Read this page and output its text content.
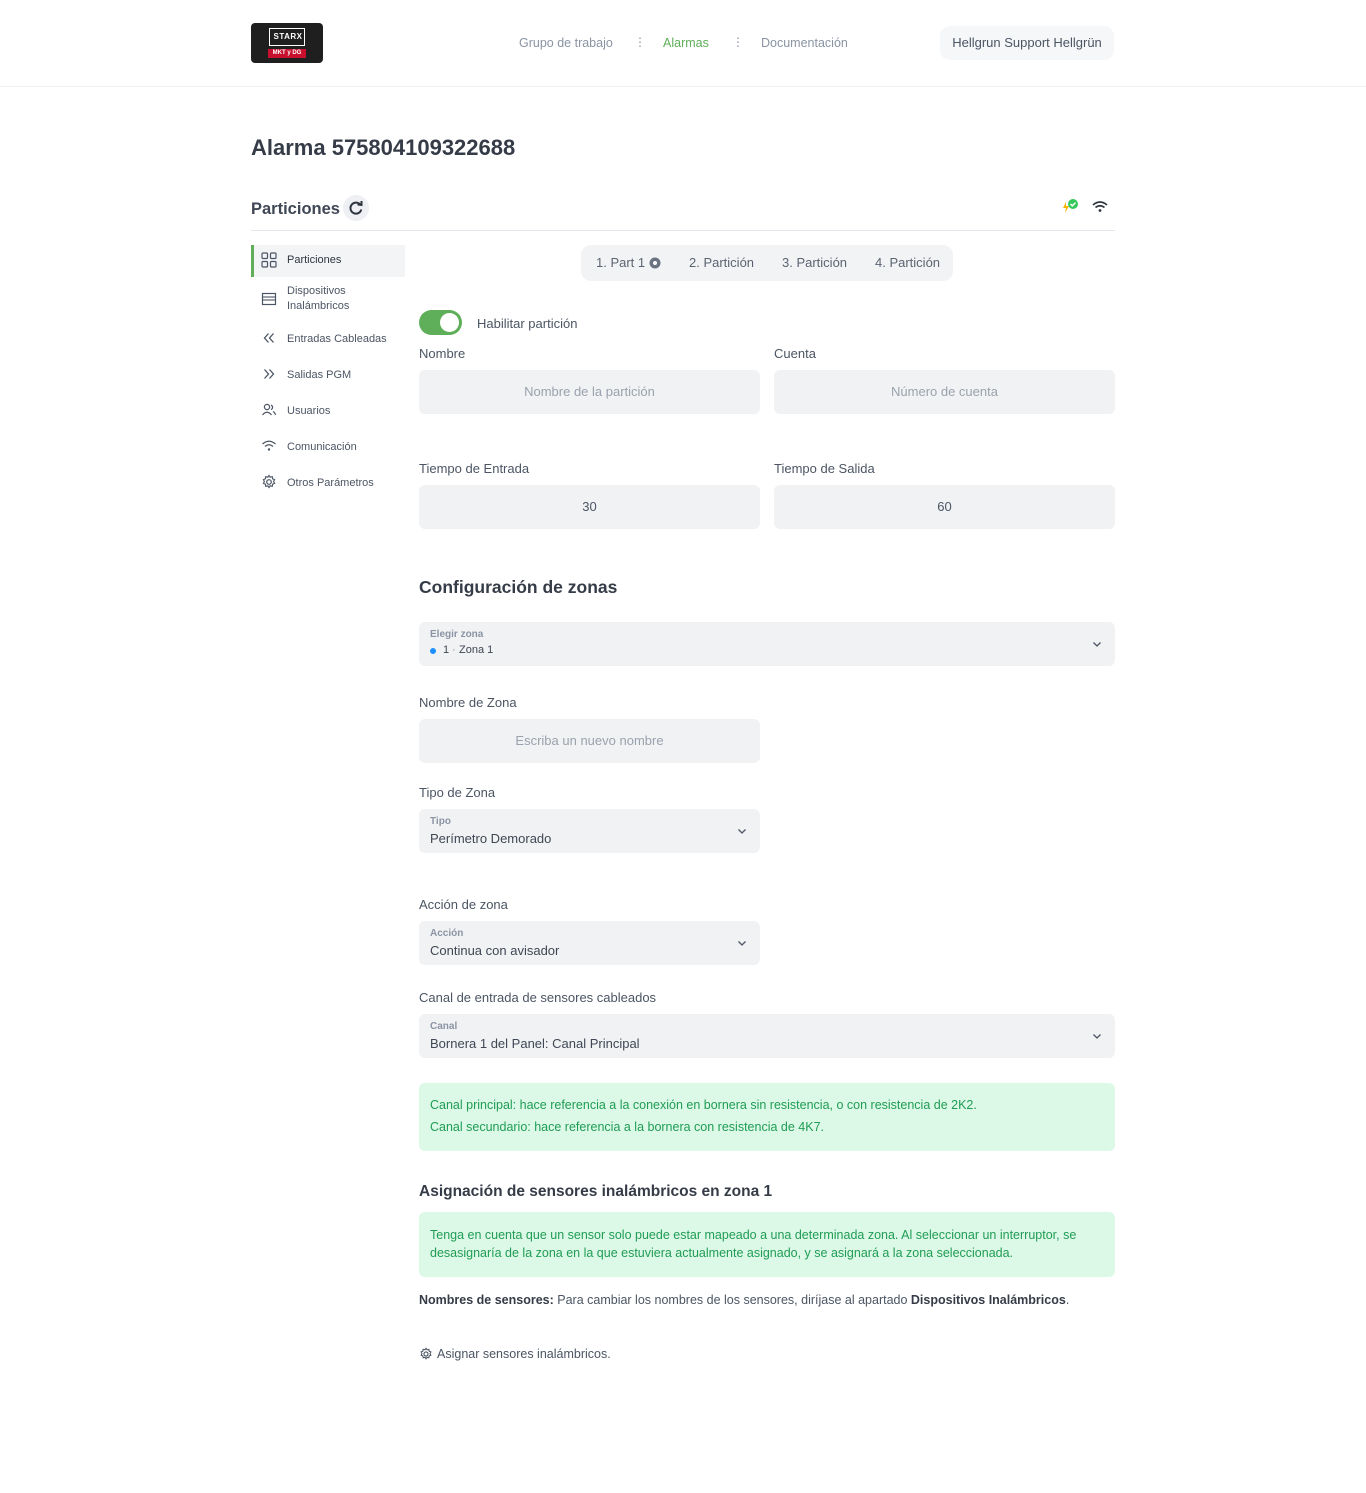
STARX
MKT y DG
Grupo de trabajo ⋮ Alarmas ⋮ Documentación	Hellgrun Support Hellgrün
Alarma 575804109322688
Particiones
Particiones
Dispositivos
Inalámbricos
Entradas Cableadas
Salidas PGM
Usuarios
Comunicación
Otros Parámetros
1. Part 1	2. Partición 3. Partición 4. Partición
Habilitar partición
Nombre
Nombre de la partición
Cuenta
Número de cuenta
Tiempo de Entrada
30
Tiempo de Salida
60
Configuración de zonas
Elegir zona
1 · Zona 1
Nombre de Zona
Escriba un nuevo nombre
Tipo de Zona
Tipo
Perímetro Demorado
Acción de zona
Acción
Continua con avisador
Canal de entrada de sensores cableados
Canal
Bornera 1 del Panel: Canal Principal
Canal principal: hace referencia a la conexión en bornera sin resistencia, o con resistencia de 2K2.
Canal secundario: hace referencia a la bornera con resistencia de 4K7.
Asignación de sensores inalámbricos en zona 1
Tenga en cuenta que un sensor solo puede estar mapeado a una determinada zona. Al seleccionar un interruptor, se
desasignaría de la zona en la que estuviera actualmente asignado, y se asignará a la zona seleccionada.
Nombres de sensores: Para cambiar los nombres de los sensores, diríjase al apartado Dispositivos Inalámbricos.
Asignar sensores inalámbricos.
